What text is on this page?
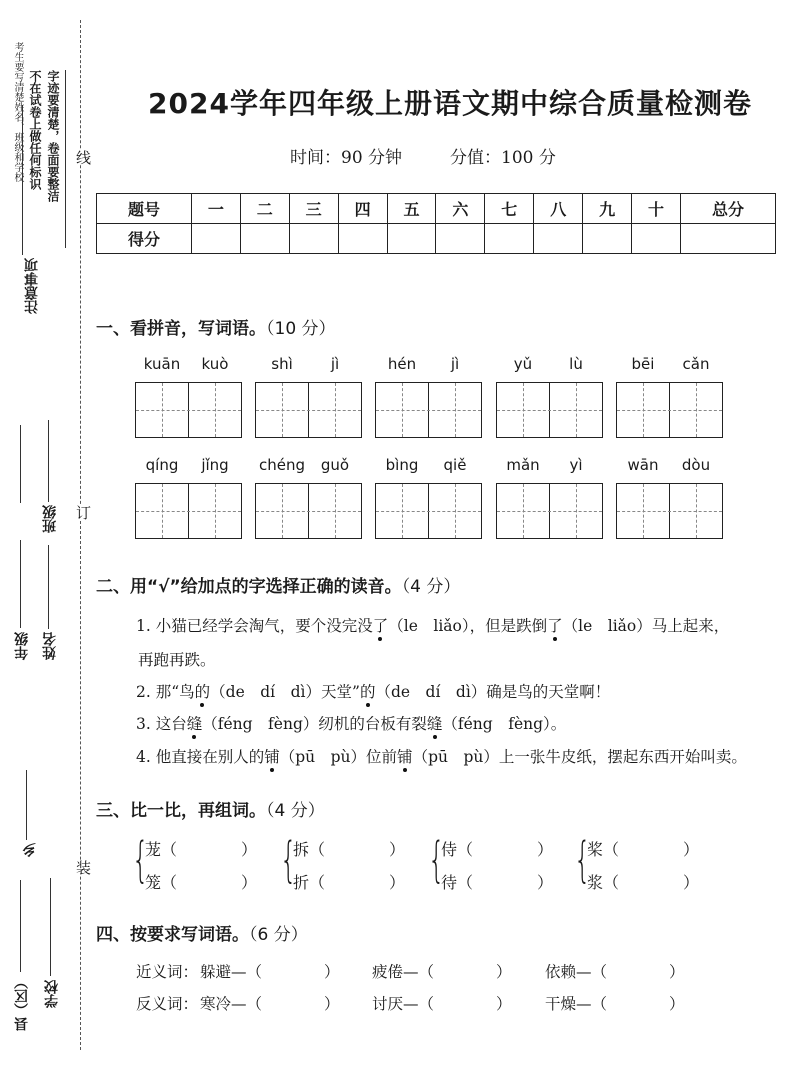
考生要写清楚姓名、班级和学校 不在试卷上做任何标识 字迹要清楚，卷面要整洁
注意事项
线
订
装
班级
年级 姓名
乡
县（区） 学校
2024学年四年级上册语文期中综合质量检测卷
时间：90 分钟	分值：100 分
题号	一	二	三	四	五	六	七	八	九	十	总分
得分											
一、看拼音，写词语。（10 分）
kuān	kuò	shì	jì	hén	jì	yǔ	lù	bēi	cǎn
qíng	jǐng	chéng	guǒ	bìng	qiě	mǎn	yì	wān	dòu
二、用“√”给加点的字选择正确的读音。（4 分）
1. 小猫已经学会淘气，要个没完没了（le　liǎo），但是跌倒了（le　liǎo）马上起来，
再跑再跌。
2. 那“鸟的（de　dí　dì）天堂”的（de　dí　dì）确是鸟的天堂啊！
3. 这台缝（féng　fèng）纫机的台板有裂缝（féng　fèng）。
4. 他直接在别人的铺（pū　pù）位前铺（pū　pù）上一张牛皮纸，摆起东西开始叫卖。
三、比一比，再组词。（4 分）
{
茏（　　　　）
笼（　　　　） {
拆（　　　　）
折（　　　　） {
侍（　　　　）
待（　　　　） {
桨（　　　　）
浆（　　　　）
四、按要求写词语。（6 分）
近义词： 躲避—（　　　　） 疲倦—（　　　　） 依赖—（　　　　）
反义词： 寒冷—（　　　　） 讨厌—（　　　　） 干燥—（　　　　）
